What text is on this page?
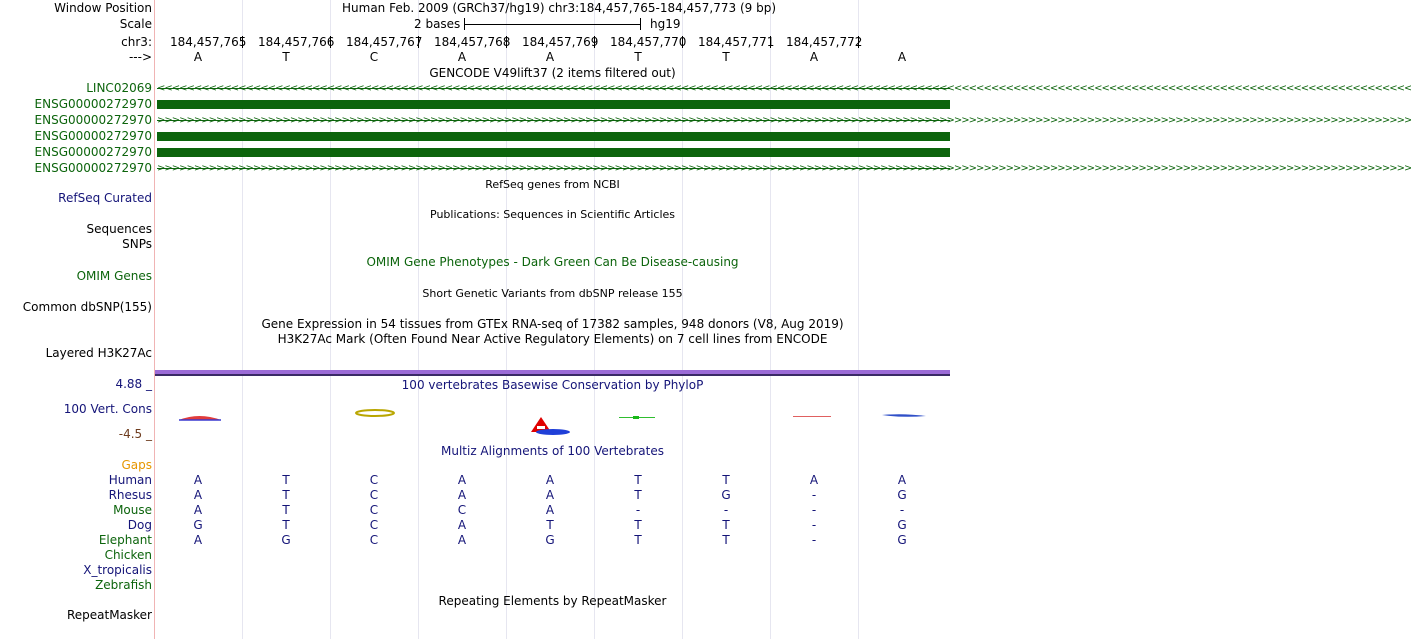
Window Position	Human Feb. 2009 (GRCh37/hg19) chr3:184,457,765-184,457,773 (9 bp)
Scale	2 bases	hg19
chr3: 184,457,765 184,457,766 184,457,767 184,457,768 184,457,769 184,457,770 184,457,771 184,457,772
--->	A	T	C	A	A	T	T	A	A
GENCODE V49lift37 (2 items filtered out)
LINC02069 <<<<<<<<<<<<<<<<<<<<<<<<<<<<<<<<<<<<<<<<<<<<<<<<<<<<<<<<<<<<<<<<<<<<<<<<<<<<<<<<<<<<<<<<<<<<<<<<<<<<<<<<<<<<<<<<<<<<<<<<<<<<<<<<<<<<<<<<<<<<<<<<<<<<<<<<<<<<<<<<<<<<<<<<<<
ENSG00000272970
ENSG00000272970 >>>>>>>>>>>>>>>>>>>>>>>>>>>>>>>>>>>>>>>>>>>>>>>>>>>>>>>>>>>>>>>>>>>>>>>>>>>>>>>>>>>>>>>>>>>>>>>>>>>>>>>>>>>>>>>>>>>>>>>>>>>>>>>>>>>>>>>>>>>>>>>>>>>>>>>>>>>>>>>>>>>>>>>>>>
ENSG00000272970
ENSG00000272970
ENSG00000272970 >>>>>>>>>>>>>>>>>>>>>>>>>>>>>>>>>>>>>>>>>>>>>>>>>>>>>>>>>>>>>>>>>>>>>>>>>>>>>>>>>>>>>>>>>>>>>>>>>>>>>>>>>>>>>>>>>>>>>>>>>>>>>>>>>>>>>>>>>>>>>>>>>>>>>>>>>>>>>>>>>>>>>>>>>>
RefSeq genes from NCBI
RefSeq Curated
Publications: Sequences in Scientific Articles
Sequences
SNPs
OMIM Gene Phenotypes - Dark Green Can Be Disease-causing
OMIM Genes
Short Genetic Variants from dbSNP release 155
Common dbSNP(155)
Gene Expression in 54 tissues from GTEx RNA-seq of 17382 samples, 948 donors (V8, Aug 2019)
H3K27Ac Mark (Often Found Near Active Regulatory Elements) on 7 cell lines from ENCODE
Layered H3K27Ac
4.88 _	100 vertebrates Basewise Conservation by PhyloP
100 Vert. Cons
-4.5 _
Multiz Alignments of 100 Vertebrates
Gaps
Human	A	T	C	A	A	T	T	A	A
Rhesus	A	T	C	A	A	T	G	-	G
Mouse	A	T	C	C	A	-	-	-	-
Dog	G	T	C	A	T	T	T	-	G
Elephant	A	G	C	A	G	T	T	-	G
Chicken
X_tropicalis
Zebrafish
Repeating Elements by RepeatMasker
RepeatMasker
